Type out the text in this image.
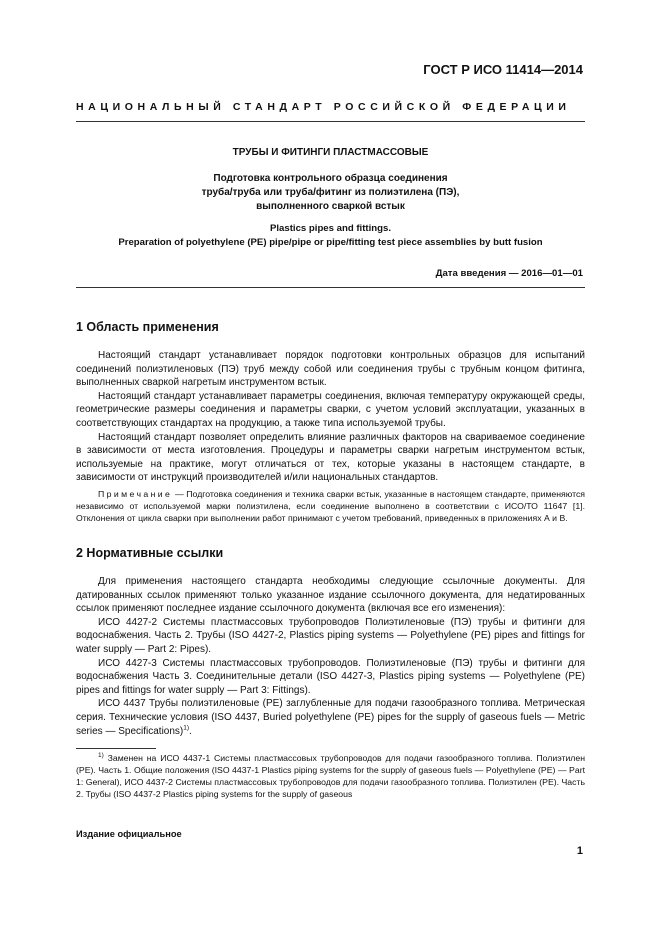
ГОСТ Р ИСО 11414—2014
НАЦИОНАЛЬНЫЙ СТАНДАРТ РОССИЙСКОЙ ФЕДЕРАЦИИ
ТРУБЫ И ФИТИНГИ ПЛАСТМАССОВЫЕ
Подготовка контрольного образца соединения
труба/труба или труба/фитинг из полиэтилена (ПЭ),
выполненного сваркой встык
Plastics pipes and fittings.
Preparation of polyethylene (PE) pipe/pipe or pipe/fitting test piece assemblies by butt fusion
Дата введения — 2016—01—01
1 Область применения

Настоящий стандарт устанавливает порядок подготовки контрольных образцов для испытаний соединений полиэтиленовых (ПЭ) труб между собой или соединения трубы с трубным концом фитинга, выполненных сваркой нагретым инструментом встык.

Настоящий стандарт устанавливает параметры соединения, включая температуру окружающей среды, геометрические размеры соединения и параметры сварки, с учетом условий эксплуатации, указанных в соответствующих стандартах на продукцию, а также типа используемой трубы.

Настоящий стандарт позволяет определить влияние различных факторов на свариваемое соединение в зависимости от места изготовления. Процедуры и параметры сварки нагретым инструментом встык, используемые на практике, могут отличаться от тех, которые указаны в настоящем стандарте, в зависимости от инструкций производителей и/или национальных стандартов.

Примечание — Подготовка соединения и техника сварки встык, указанные в настоящем стандарте, применяются независимо от используемой марки полиэтилена, если соединение выполнено в соответствии с ИСО/ТО 11647 [1]. Отклонения от цикла сварки при выполнении работ принимают с учетом требований, приведенных в приложениях А и В.
2 Нормативные ссылки

Для применения настоящего стандарта необходимы следующие ссылочные документы. Для датированных ссылок применяют только указанное издание ссылочного документа, для недатированных ссылок применяют последнее издание ссылочного документа (включая все его изменения):

ИСО 4427-2 Системы пластмассовых трубопроводов Полиэтиленовые (ПЭ) трубы и фитинги для водоснабжения. Часть 2. Трубы (ISO 4427-2, Plastics piping systems — Polyethylene (PE) pipes and fittings for water supply — Part 2: Pipes).

ИСО 4427-3 Системы пластмассовых трубопроводов. Полиэтиленовые (ПЭ) трубы и фитинги для водоснабжения Часть 3. Соединительные детали (ISO 4427-3, Plastics piping systems — Polyethylene (PE) pipes and fittings for water supply — Part 3: Fittings).

ИСО 4437 Трубы полиэтиленовые (PE) заглубленные для подачи газообразного топлива. Метрическая серия. Технические условия (ISO 4437, Buried polyethylene (PE) pipes for the supply of gaseous fuels — Metric series — Specifications)$^{1)}$.

$^{1)}$ Заменен на ИСО 4437-1 Системы пластмассовых трубопроводов для подачи газообразного топлива. Полиэтилен (PE). Часть 1. Общие положения (ISO 4437-1 Plastics piping systems for the supply of gaseous fuels — Polyethylene (PE) — Part 1: General), ИСО 4437-2 Системы пластмассовых трубопроводов для подачи газообразного топлива. Полиэтилен (PE). Часть 2. Трубы (ISO 4437-2 Plastics piping systems for the supply of gaseous
Издание официальное
1
